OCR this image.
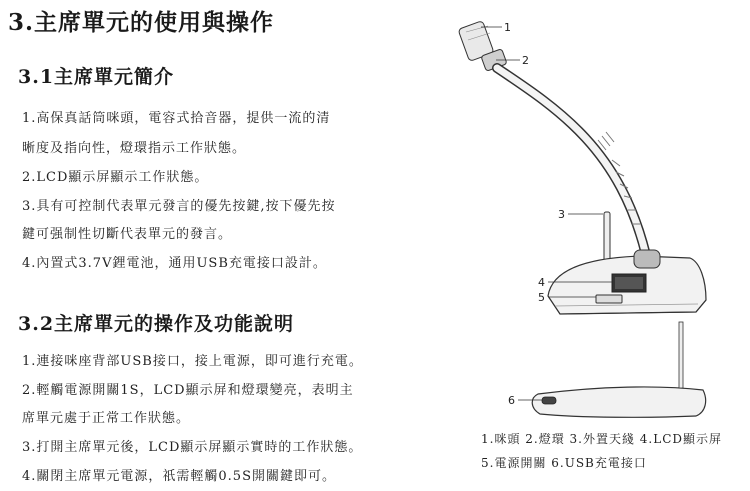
3.主席單元的使用與操作
3.1主席單元簡介
1.高保真話筒咪頭，電容式拾音器，提供一流的清
晰度及指向性，燈環指示工作狀態。
2.LCD顯示屏顯示工作狀態。
3.具有可控制代表單元發言的優先按鍵,按下優先按
鍵可强制性切斷代表單元的發言。
4.內置式3.7V鋰電池，通用USB充電接口設計。
3.2主席單元的操作及功能說明
1.連接咪座背部USB接口，接上電源，即可進行充電。
2.輕觸電源開關1S，LCD顯示屏和燈環變亮，表明主
席單元處于正常工作狀態。
3.打開主席單元後，LCD顯示屏顯示實時的工作狀態。
4.關閉主席單元電源，祇需輕觸0.5S開關鍵即可。
1
2
3
4
5
6
1.咪頭 2.燈環 3.外置天綫 4.LCD顯示屏
5.電源開關 6.USB充電接口
